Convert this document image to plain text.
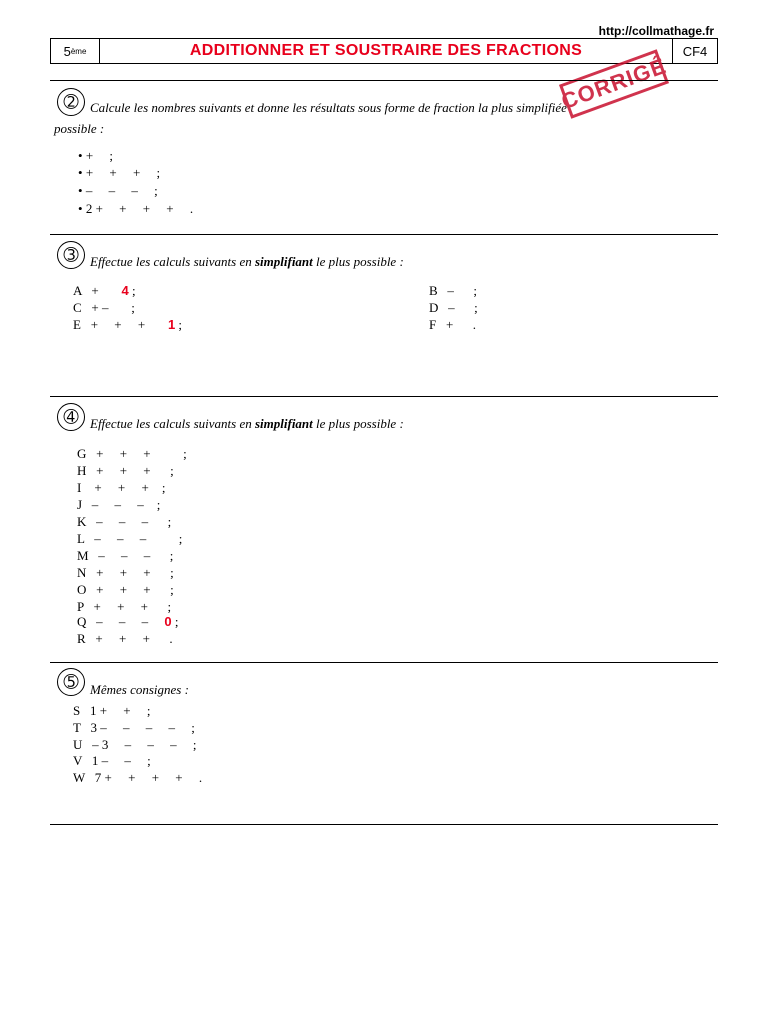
http://collmathage.fr
5 ème	ADDITIONNER ET SOUSTRAIRE DES FRACTIONS	CF4
CORRIGÉ
➁ Calcule les nombres suivants et donne les résultats sous forme de fraction la plus simplifiée
possible :
• +     ;
• +     +     +     ;
• –     –     –     ;
• 2 +     +     +     +     .
➂ Effectue les calculs suivants en simplifiant le plus possible :
A   +       4 ;
C   + –       ;
E   +     +     +       1 ;
B   –      ;
D   –      ;
F   +      .
➃ Effectue les calculs suivants en simplifiant le plus possible :
G   +     +     +          ;
H   +     +     +      ;
I    +     +     +    ;
J   –     –     –    ;
K   –     –     –      ;
L   –     –     –          ;
M   –     –     –      ;
N   +     +     +      ;
O   +     +     +      ;
P   +     +     +      ;
Q   –     –     –     0 ;
R   +     +     +      .
➄ Mêmes consignes :
S   1 +     +     ;
T   3 –     –     –     –     ;
U   – 3     –     –     –     ;
V   1 –     –     ;
W   7 +     +     +     +     .
